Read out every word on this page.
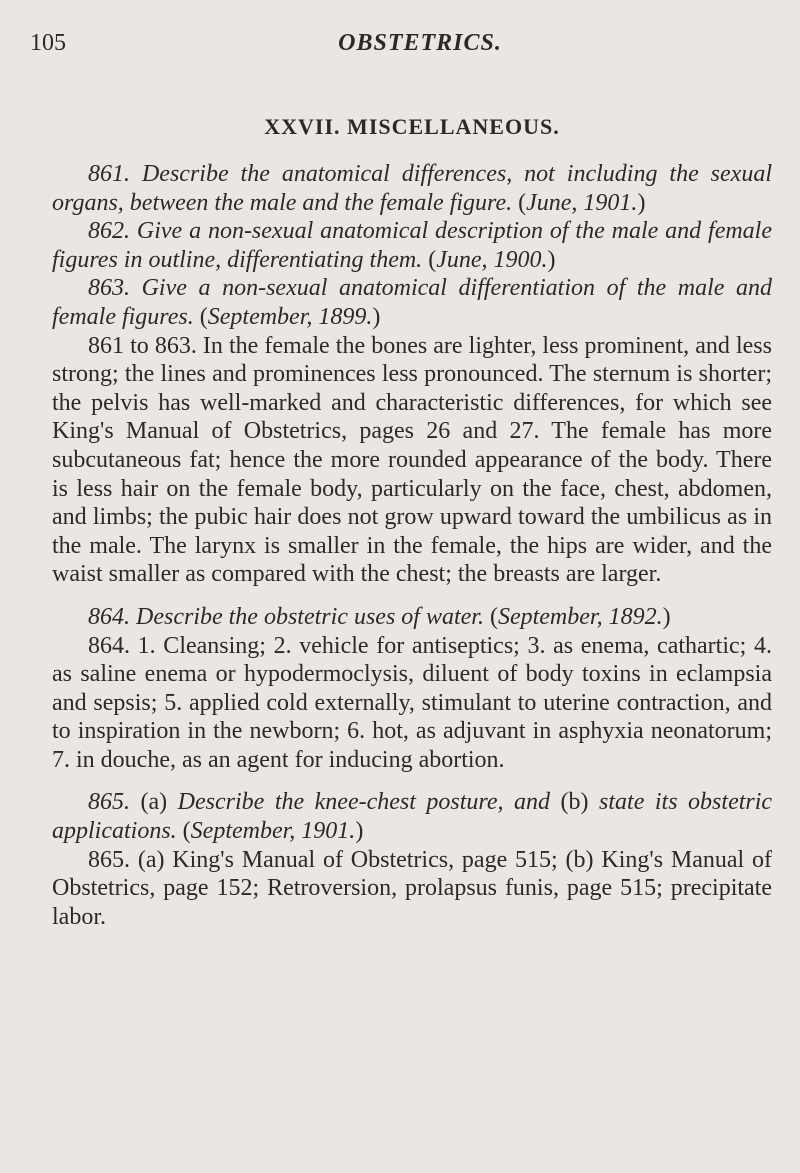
105	OBSTETRICS.
XXVII. MISCELLANEOUS.

861. Describe the anatomical differences, not including the sexual organs, between the male and the female figure. (June, 1901.)

862. Give a non-sexual anatomical description of the male and female figures in outline, differentiating them. (June, 1900.)

863. Give a non-sexual anatomical differentiation of the male and female figures. (September, 1899.)

861 to 863. In the female the bones are lighter, less prominent, and less strong; the lines and prominences less pronounced. The sternum is shorter; the pelvis has well-marked and characteristic differences, for which see King's Manual of Obstetrics, pages 26 and 27. The female has more subcutaneous fat; hence the more rounded appearance of the body. There is less hair on the female body, particularly on the face, chest, abdomen, and limbs; the pubic hair does not grow upward toward the umbilicus as in the male. The larynx is smaller in the female, the hips are wider, and the waist smaller as compared with the chest; the breasts are larger.

864. Describe the obstetric uses of water. (September, 1892.)

864. 1. Cleansing; 2. vehicle for antiseptics; 3. as enema, cathartic; 4. as saline enema or hypodermoclysis, diluent of body toxins in eclampsia and sepsis; 5. applied cold externally, stimulant to uterine contraction, and to inspiration in the newborn; 6. hot, as adjuvant in asphyxia neonatorum; 7. in douche, as an agent for inducing abortion.

865. (a) Describe the knee-chest posture, and (b) state its obstetric applications. (September, 1901.)

865. (a) King's Manual of Obstetrics, page 515; (b) King's Manual of Obstetrics, page 152; Retroversion, prolapsus funis, page 515; precipitate labor.
